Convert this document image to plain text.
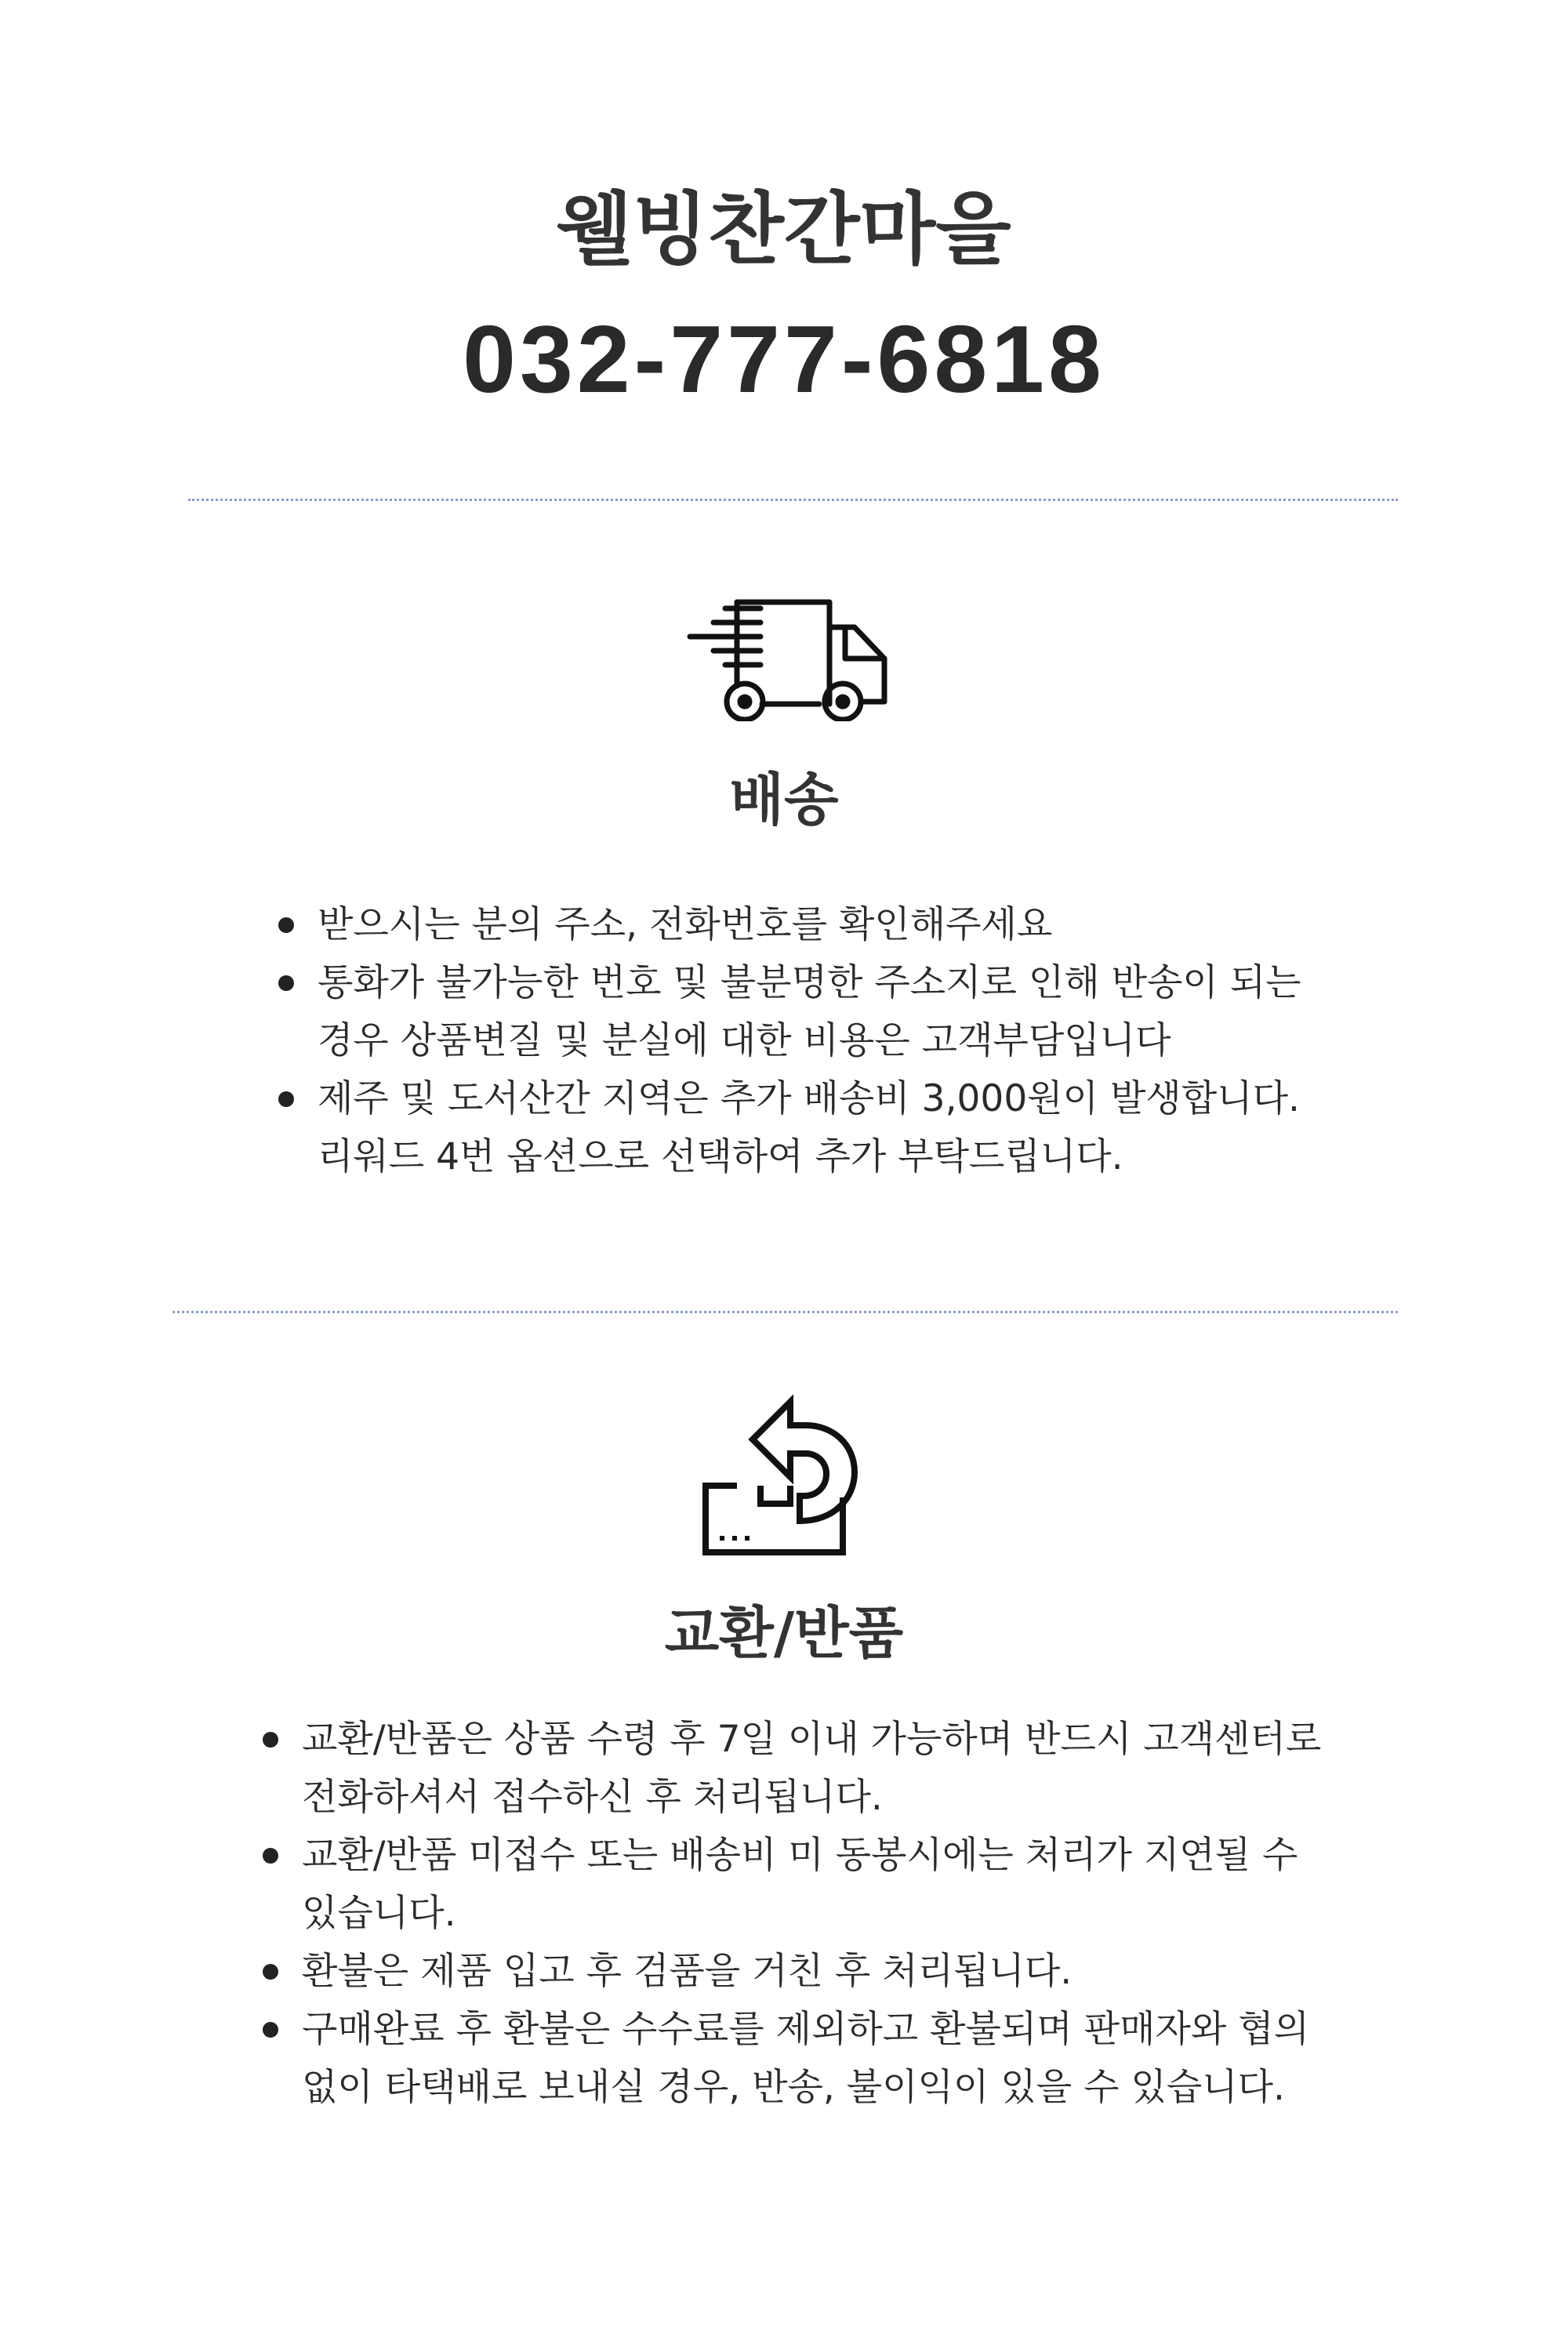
웰빙찬간마을
032-777-6818
배송
받으시는 분의 주소, 전화번호를 확인해주세요
통화가 불가능한 번호 및 불분명한 주소지로 인해 반송이 되는
경우 상품변질 및 분실에 대한 비용은 고객부담입니다
제주 및 도서산간 지역은 추가 배송비 3,000원이 발생합니다.
리워드 4번 옵션으로 선택하여 추가 부탁드립니다.
교환/반품
교환/반품은 상품 수령 후 7일 이내 가능하며 반드시 고객센터로
전화하셔서 접수하신 후 처리됩니다.
교환/반품 미접수 또는 배송비 미 동봉시에는 처리가 지연될 수
있습니다.
환불은 제품 입고 후 검품을 거친 후 처리됩니다.
구매완료 후 환불은 수수료를 제외하고 환불되며 판매자와 협의
없이 타택배로 보내실 경우, 반송, 불이익이 있을 수 있습니다.
